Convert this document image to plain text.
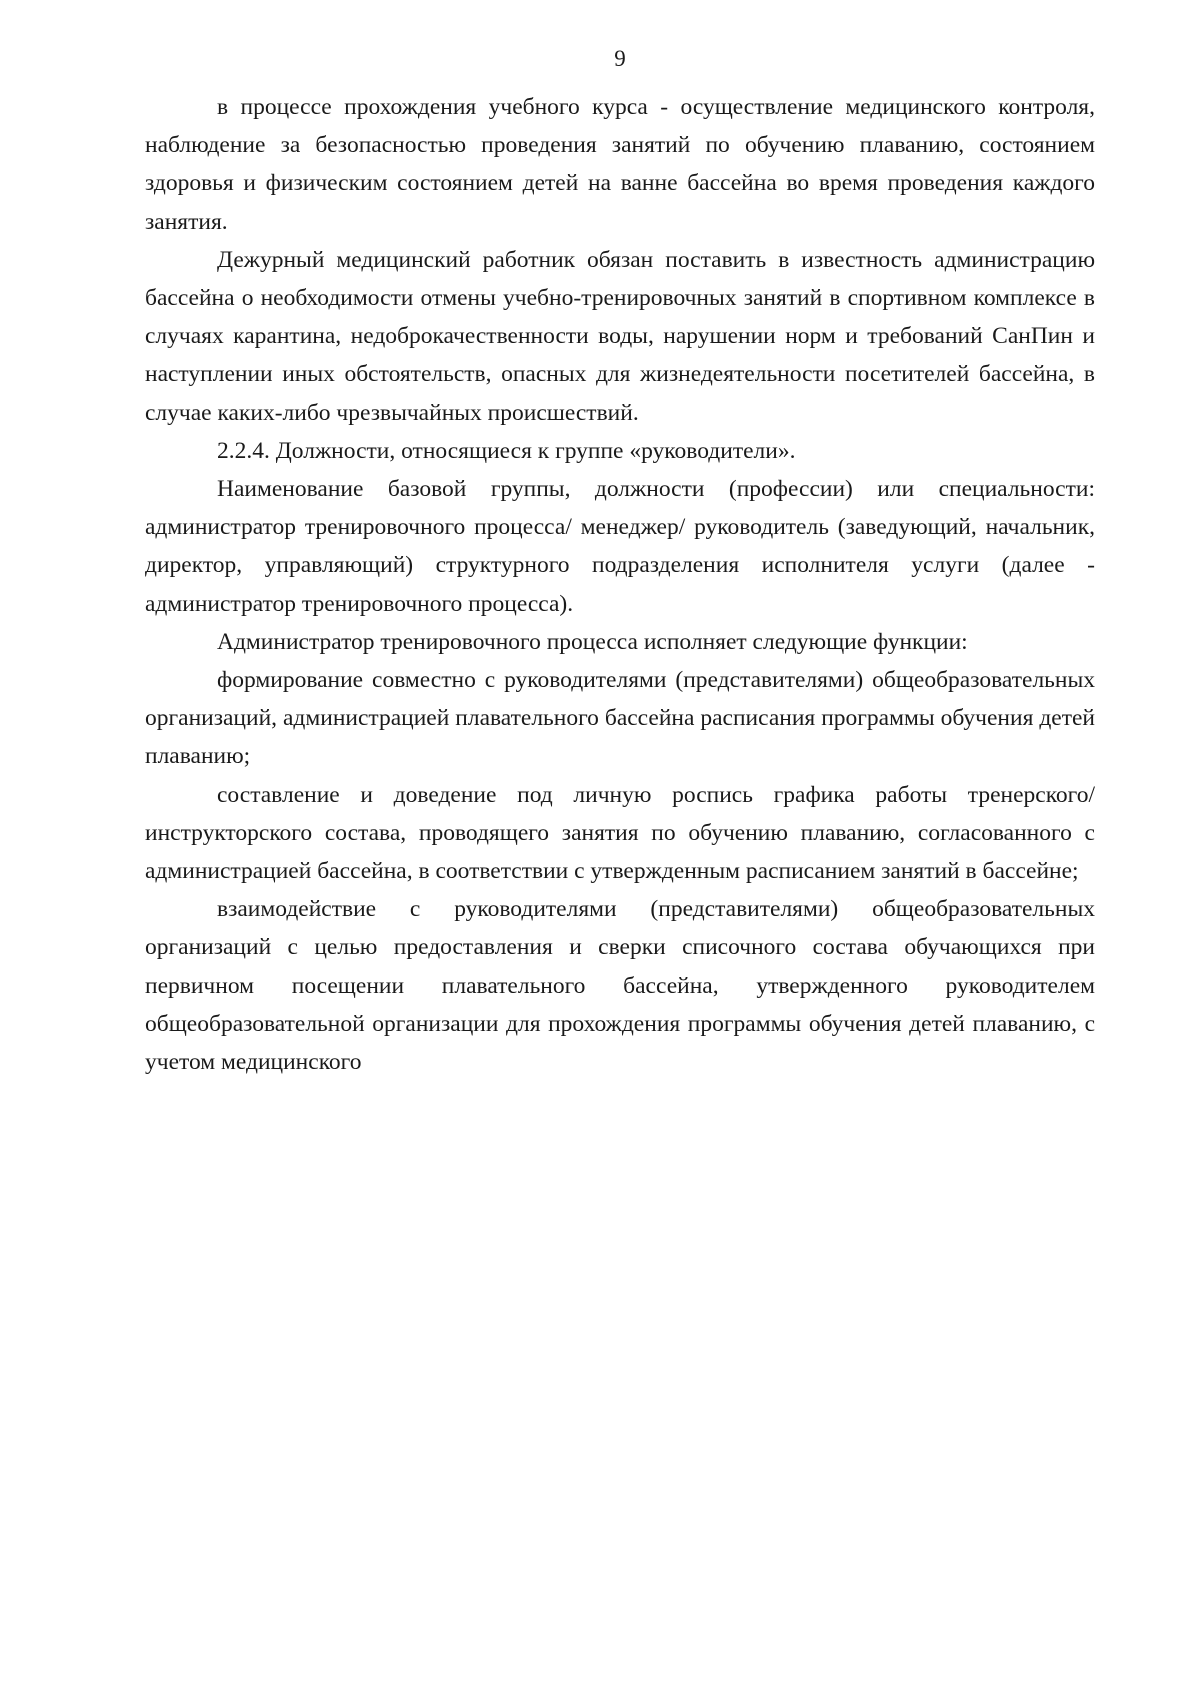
9

в процессе прохождения учебного курса - осуществление медицинского контроля, наблюдение за безопасностью проведения занятий по обучению плаванию, состоянием здоровья и физическим состоянием детей на ванне бассейна во время проведения каждого занятия.

Дежурный медицинский работник обязан поставить в известность администрацию бассейна о необходимости отмены учебно-тренировочных занятий в спортивном комплексе в случаях карантина, недоброкачественности воды, нарушении норм и требований СанПин и наступлении иных обстоятельств, опасных для жизнедеятельности посетителей бассейна, в случае каких-либо чрезвычайных происшествий.

2.2.4. Должности, относящиеся к группе «руководители».

Наименование базовой группы, должности (профессии) или специальности: администратор тренировочного процесса/ менеджер/ руководитель (заведующий, начальник, директор, управляющий) структурного подразделения исполнителя услуги (далее - администратор тренировочного процесса).

Администратор тренировочного процесса исполняет следующие функции:

формирование совместно с руководителями (представителями) общеобразовательных организаций, администрацией плавательного бассейна расписания программы обучения детей плаванию;

составление и доведение под личную роспись графика работы тренерского/инструкторского состава, проводящего занятия по обучению плаванию, согласованного с администрацией бассейна, в соответствии с утвержденным расписанием занятий в бассейне;

взаимодействие с руководителями (представителями) общеобразовательных организаций с целью предоставления и сверки списочного состава обучающихся при первичном посещении плавательного бассейна, утвержденного руководителем общеобразовательной организации для прохождения программы обучения детей плаванию, с учетом медицинского
